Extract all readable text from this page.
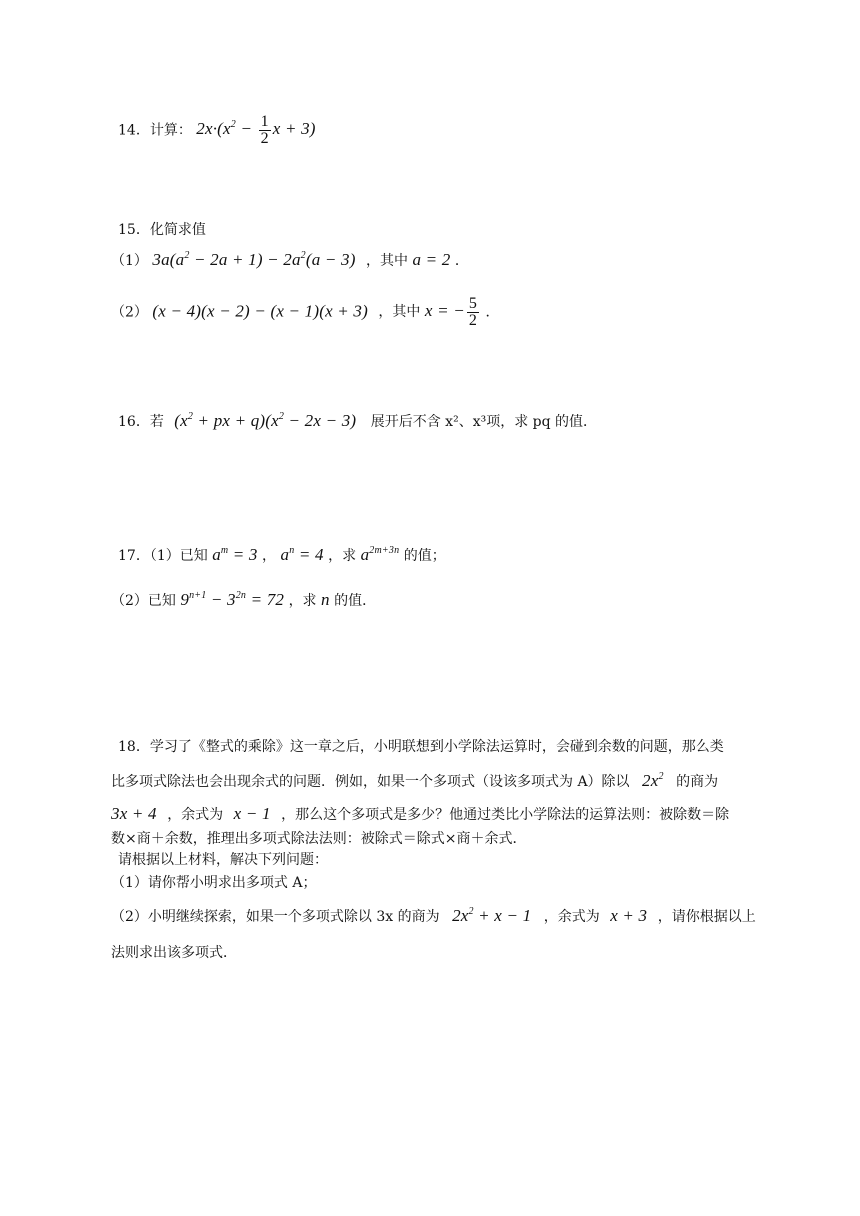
14．计算： $2x\cdot(x^2 - \frac{1}{2}$ x + 3)
15．化简求值
（1） $3a(a^2 - 2a + 1) - 2a^2(a - 3)$ ，其中 a = 2 ．
（2） (x − 4)(x − 2) − (x − 1)(x + 3) ，其中 x = − $\frac{5}{2}$ ．
16．若 ($x^2$ + px + $q)(x^2 - 2x - 3)$ 展开后不含 x²、x³项，求 pq 的值．
17．（1）已知 $a^m = 3$ ， $a^n = 4$ ，求 $a^{2m+3n}$ 的值；
（2）已知 $9^{n+1} - 3^{2n} = 72$ ，求 n 的值．
18．学习了《整式的乘除》这一章之后，小明联想到小学除法运算时，会碰到余数的问题，那么类
比多项式除法也会出现余式的问题．例如，如果一个多项式（设该多项式为 A）除以 $2x^2$ 的商为
3x + 4 ，余式为 x − 1 ，那么这个多项式是多少？他通过类比小学除法的运算法则：被除数＝除
数×商＋余数，推理出多项式除法法则：被除式＝除式×商＋余式．
请根据以上材料，解决下列问题：
（1）请你帮小明求出多项式 A；
（2）小明继续探索，如果一个多项式除以 3x 的商为 $2x^2 + x - 1$ ，余式为 x + 3 ，请你根据以上
法则求出该多项式．
